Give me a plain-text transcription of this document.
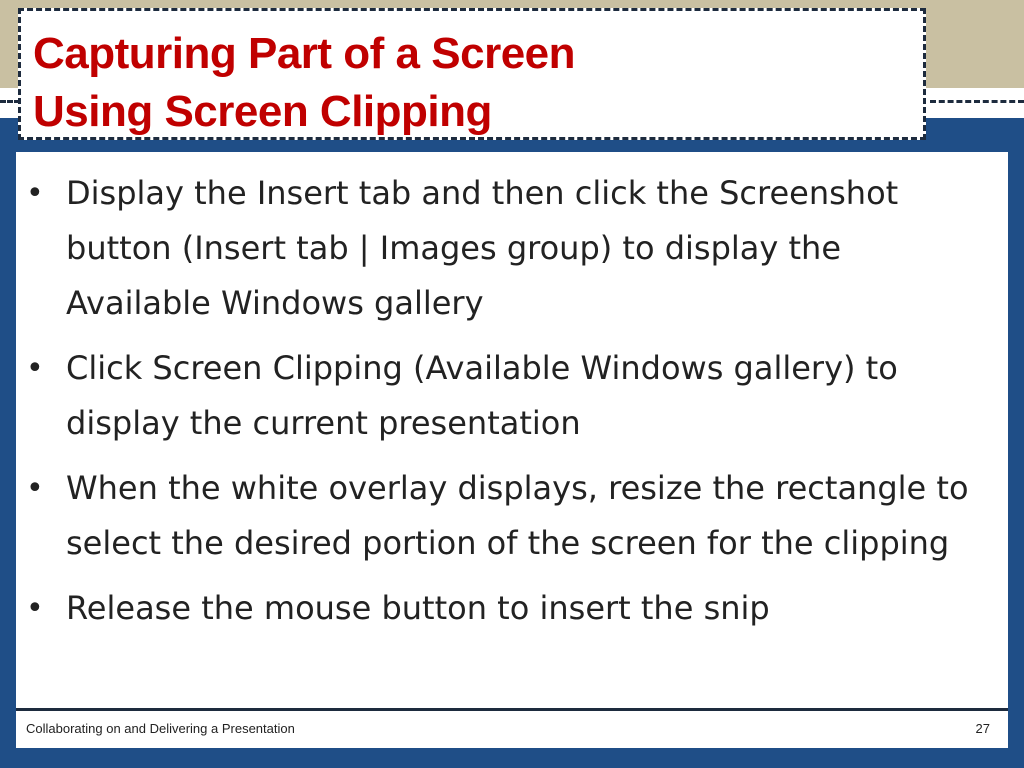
Capturing Part of a Screen
Using Screen Clipping
• Display the Insert tab and then click the Screenshot button (Insert tab | Images group) to display the Available Windows gallery
• Click Screen Clipping (Available Windows gallery) to display the current presentation
• When the white overlay displays, resize the rectangle to select the desired portion of the screen for the clipping
• Release the mouse button to insert the snip
Collaborating on and Delivering a Presentation	27
